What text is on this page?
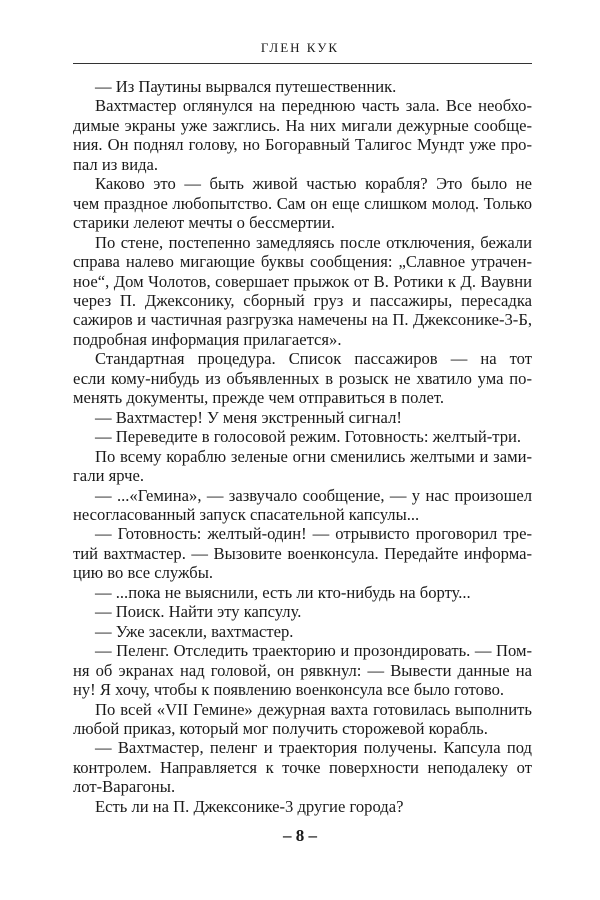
ГЛЕН КУК
— Из Паутины вырвался путешественник.
Вахтмастер оглянулся на переднюю часть зала. Все необхо-
димые экраны уже зажглись. На них мигали дежурные сообще-
ния. Он поднял голову, но Богоравный Талигос Мундт уже про-
пал из вида.
Каково это — быть живой частью корабля? Это было не
чем праздное любопытство. Сам он еще слишком молод. Только
старики лелеют мечты о бессмертии.
По стене, постепенно замедляясь после отключения, бежали
справа налево мигающие буквы сообщения: „Славное утрачен-
ное“, Дом Чолотов, совершает прыжок от В. Ротики к Д. Ваувни
через П. Джексонику, сборный груз и пассажиры, пересадка
сажиров и частичная разгрузка намечены на П. Джексонике-3-Б,
подробная информация прилагается».
Стандартная процедура. Список пассажиров — на тот
если кому-нибудь из объявленных в розыск не хватило ума по-
менять документы, прежде чем отправиться в полет.
— Вахтмастер! У меня экстренный сигнал!
— Переведите в голосовой режим. Готовность: желтый-три.
По всему кораблю зеленые огни сменились желтыми и зами-
гали ярче.
— ...«Гемина», — зазвучало сообщение, — у нас произошел
несогласованный запуск спасательной капсулы...
— Готовность: желтый-один! — отрывисто проговорил тре-
тий вахтмастер. — Вызовите военконсула. Передайте информа-
цию во все службы.
— ...пока не выяснили, есть ли кто-нибудь на борту...
— Поиск. Найти эту капсулу.
— Уже засекли, вахтмастер.
— Пеленг. Отследить траекторию и прозондировать. — Пом-
ня об экранах над головой, он рявкнул: — Вывести данные на
ну! Я хочу, чтобы к появлению военконсула все было готово.
По всей «VII Гемине» дежурная вахта готовилась выполнить
любой приказ, который мог получить сторожевой корабль.
— Вахтмастер, пеленг и траектория получены. Капсула под
контролем. Направляется к точке поверхности неподалеку от
лот-Варагоны.
Есть ли на П. Джексонике-3 другие города?
– 8 –
